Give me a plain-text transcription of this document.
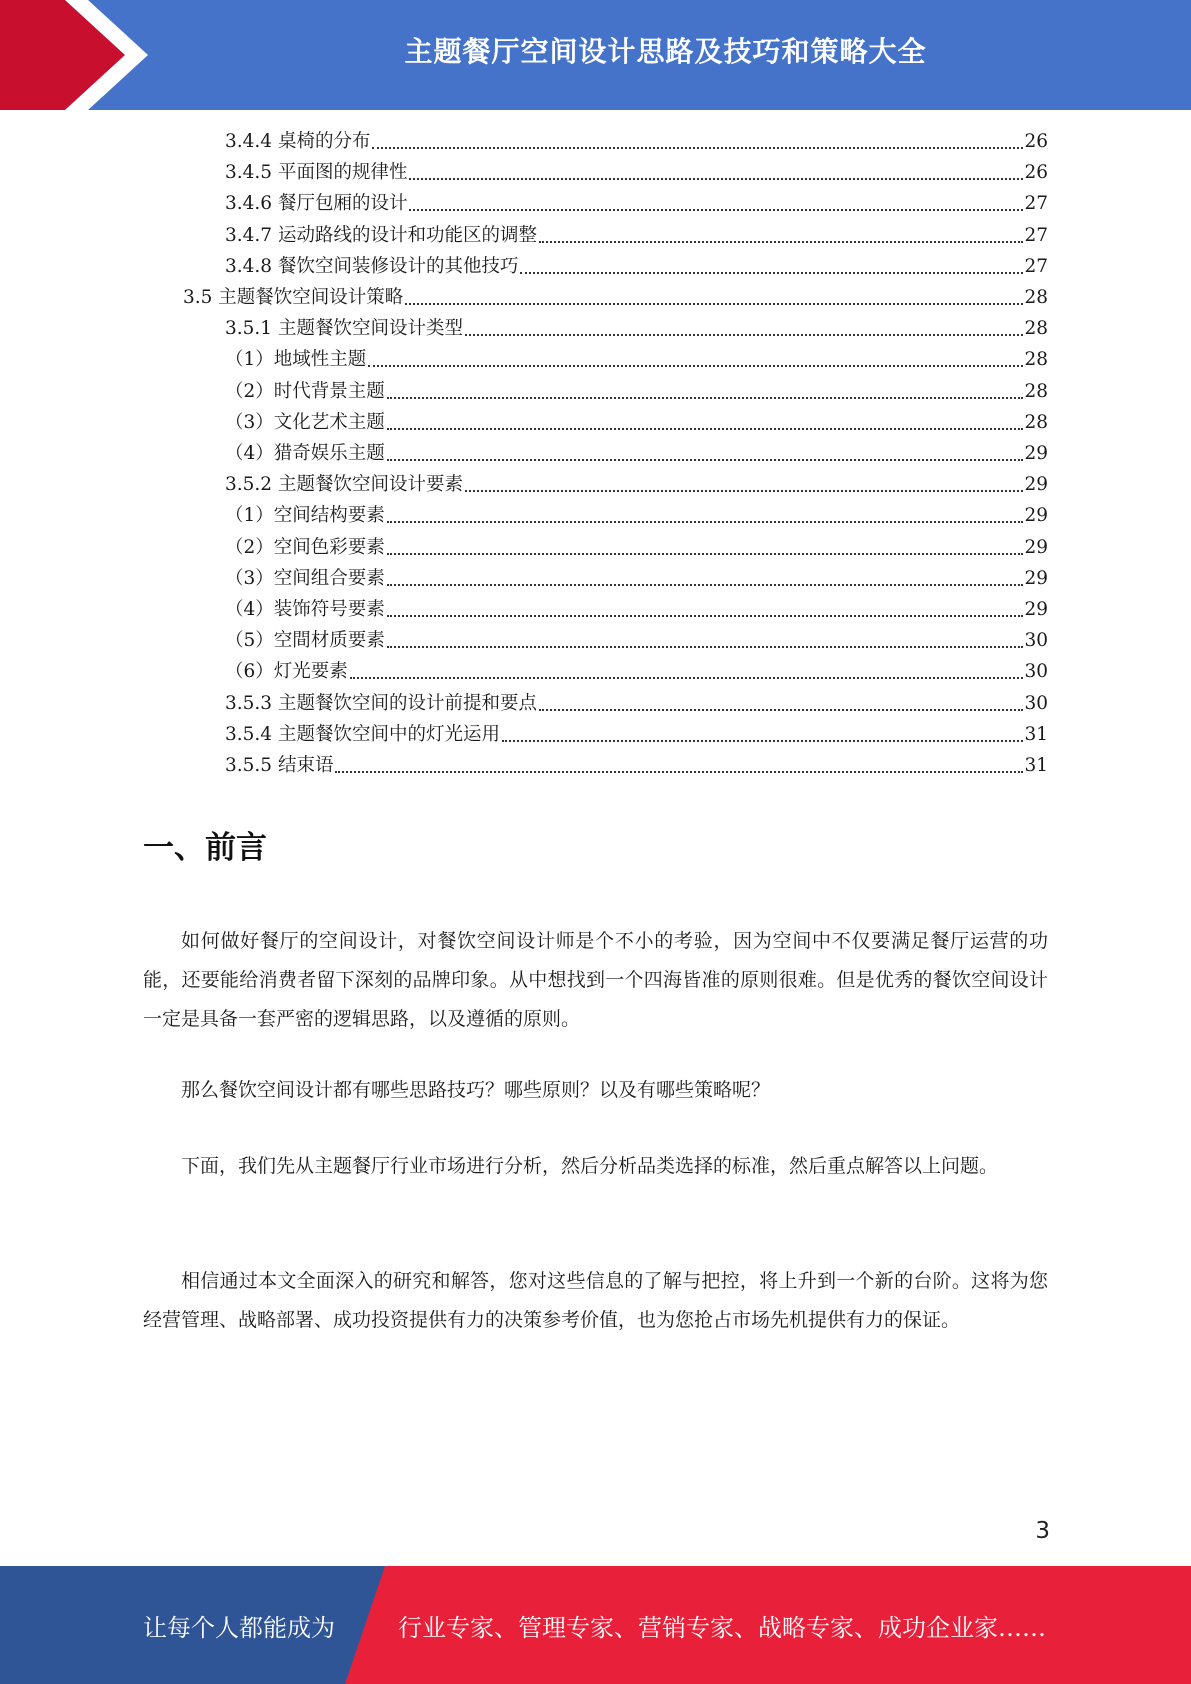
主题餐厅空间设计思路及技巧和策略大全
3.4.4 桌椅的分布	26
3.4.5 平面图的规律性	26
3.4.6 餐厅包厢的设计	27
3.4.7 运动路线的设计和功能区的调整	27
3.4.8 餐饮空间装修设计的其他技巧	27
3.5 主题餐饮空间设计策略	28
3.5.1 主题餐饮空间设计类型	28
（1）地域性主题	28
（2）时代背景主题	28
（3）文化艺术主题	28
（4）猎奇娱乐主题	29
3.5.2 主题餐饮空间设计要素	29
（1）空间结构要素	29
（2）空间色彩要素	29
（3）空间组合要素	29
（4）装饰符号要素	29
（5）空間材质要素	30
（6）灯光要素	30
3.5.3 主题餐饮空间的设计前提和要点	30
3.5.4 主题餐饮空间中的灯光运用	31
3.5.5 结束语	31
一、前言

如何做好餐厅的空间设计，对餐饮空间设计师是个不小的考验，因为空间中不仅要满足餐厅运营的功能，还要能给消费者留下深刻的品牌印象。从中想找到一个四海皆准的原则很难。但是优秀的餐饮空间设计一定是具备一套严密的逻辑思路，以及遵循的原则。

那么餐饮空间设计都有哪些思路技巧？哪些原则？以及有哪些策略呢？

下面，我们先从主题餐厅行业市场进行分析，然后分析品类选择的标准，然后重点解答以上问题。

相信通过本文全面深入的研究和解答，您对这些信息的了解与把控，将上升到一个新的台阶。这将为您经营管理、战略部署、成功投资提供有力的决策参考价值，也为您抢占市场先机提供有力的保证。

3
让每个人都能成为	行业专家、管理专家、营销专家、战略专家、成功企业家……
